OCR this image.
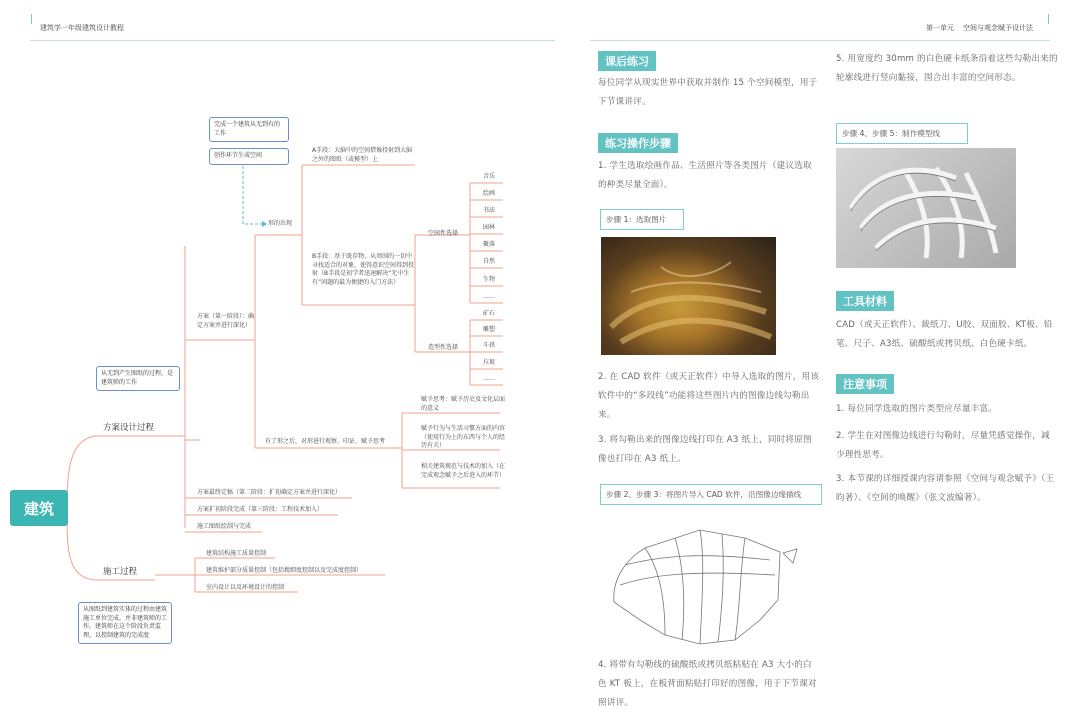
建筑学一年级建筑设计教程	第一单元 空间与观念赋予设计法
建筑
方案设计过程
施工过程
从无到产生图纸的过程，是建筑师的工作
从图纸到建筑实体的过程由建筑施工单位完成。并非建筑师的工作。建筑师在这个阶段负责监理，以控制建筑的完成度
完成一个建筑从无到有的工作
创作环节生成空间
形的出现
A手段：大脑中的空间借像投射到大脑之外的图纸（或模型）上
B手段：基于既存物，从周围的一切中寻找适合的对象，使得意识空间得到投射（B手段是初学者迅速解决“无中生有”问题的最为便捷的入门方法）
方案（第一阶段）：确定方案并进行深化）
空间性选择
音乐
绘画
书法
园林
聚落
自然
生物
……
造型性选择
矿石
雕塑
斗拱
垃圾
……
有了形之后，对形进行观察、印证、赋予思考
赋予思考：赋予历史及文化层面的意义
赋予行为与生活习惯方面的内容（使用行为上的东西与个人的经历有关）
相关建筑规范与技术的加入（在完成观念赋予之后进入的环节）
方案最终定稿（第二阶段：扩初确定方案并进行深化）
方案扩初阶段完成（第三阶段：工程技术加入）
施工图纸绘制与完成
建筑结构施工质量控制
建筑维护部分质量控制（包括精细度控制以及完成度控制）
室内设计以及环境设计的控制
课后练习
每位同学从现实世界中获取并制作 15 个空间模型，用于下节课讲评。
练习操作步骤
1. 学生选取绘画作品、生活照片等各类图片（建议选取的种类尽量全面）。
步骤 1：选取图片
2. 在 CAD 软件（或天正软件）中导入选取的图片，用该软件中的“多段线”功能将这些图片内的图像边线勾勒出来。
3. 将勾勒出来的图像边线打印在 A3 纸上，同时将原图像也打印在 A3 纸上。
步骤 2、步骤 3：将图片导入 CAD 软件，沿图像边缘描线
4. 将带有勾勒线的硫酸纸或拷贝纸粘贴在 A3 大小的白色 KT 板上，在板背面粘贴打印好的图像，用于下节课对照讲评。
5. 用宽度约 30mm 的白色硬卡纸条沿着这些勾勒出来的轮廓线进行竖向黏接，围合出丰富的空间形态。
步骤 4、步骤 5：制作模型线
工具材料
CAD（或天正软件）、裁纸刀、U胶、双面胶、KT板、铅笔、尺子、A3纸、硫酸纸或拷贝纸、白色硬卡纸。
注意事项
1. 每位同学选取的图片类型应尽量丰富。
2. 学生在对图像边线进行勾勒时，尽量凭感觉操作，减少理性思考。
3. 本节课的详细授课内容请参照《空间与观念赋予》（王昀著）、《空间的唤醒》（张文波编著）。
